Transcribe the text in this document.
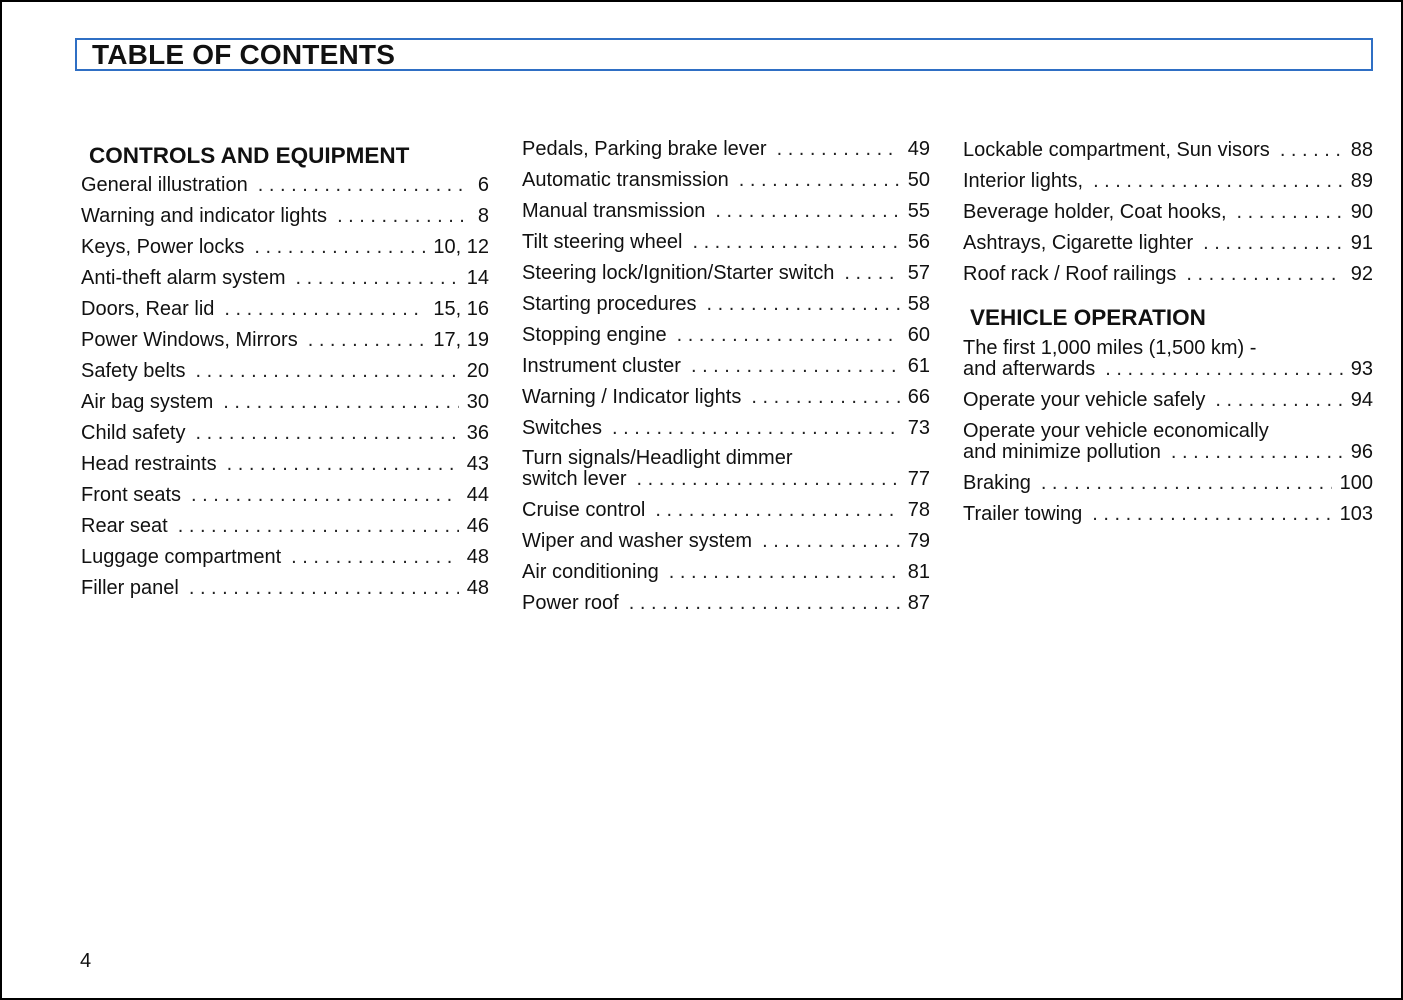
TABLE OF CONTENTS
CONTROLS AND EQUIPMENT
General illustration . . .	6
Warning and indicator lights . . .	8
Keys, Power locks . . .	10, 12
Anti-theft alarm system . . .	14
Doors, Rear lid . . .	15, 16
Power Windows, Mirrors . . .	17, 19
Safety belts . . .	20
Air bag system . . .	30
Child safety . . .	36
Head restraints . . .	43
Front seats . . .	44
Rear seat . . .	46
Luggage compartment . . .	48
Filler panel . . .	48
Pedals, Parking brake lever . . .	49
Automatic transmission . . .	50
Manual transmission . . .	55
Tilt steering wheel . . .	56
Steering lock/Ignition/Starter switch . . .	57
Starting procedures . . .	58
Stopping engine . . .	60
Instrument cluster . . .	61
Warning / Indicator lights . . .	66
Switches . . .	73
Turn signals/Headlight dimmer
switch lever . . .	77
Cruise control . . .	78
Wiper and washer system . . .	79
Air conditioning . . .	81
Power roof . . .	87
Lockable compartment, Sun visors . . .	88
Interior lights, . . .	89
Beverage holder, Coat hooks, . . .	90
Ashtrays, Cigarette lighter . . .	91
Roof rack / Roof railings . . .	92
VEHICLE OPERATION
The first 1,000 miles (1,500 km) -
and afterwards . . .	93
Operate your vehicle safely . . .	94
Operate your vehicle economically
and minimize pollution . . .	96
Braking . . .	100
Trailer towing . . .	103
4
